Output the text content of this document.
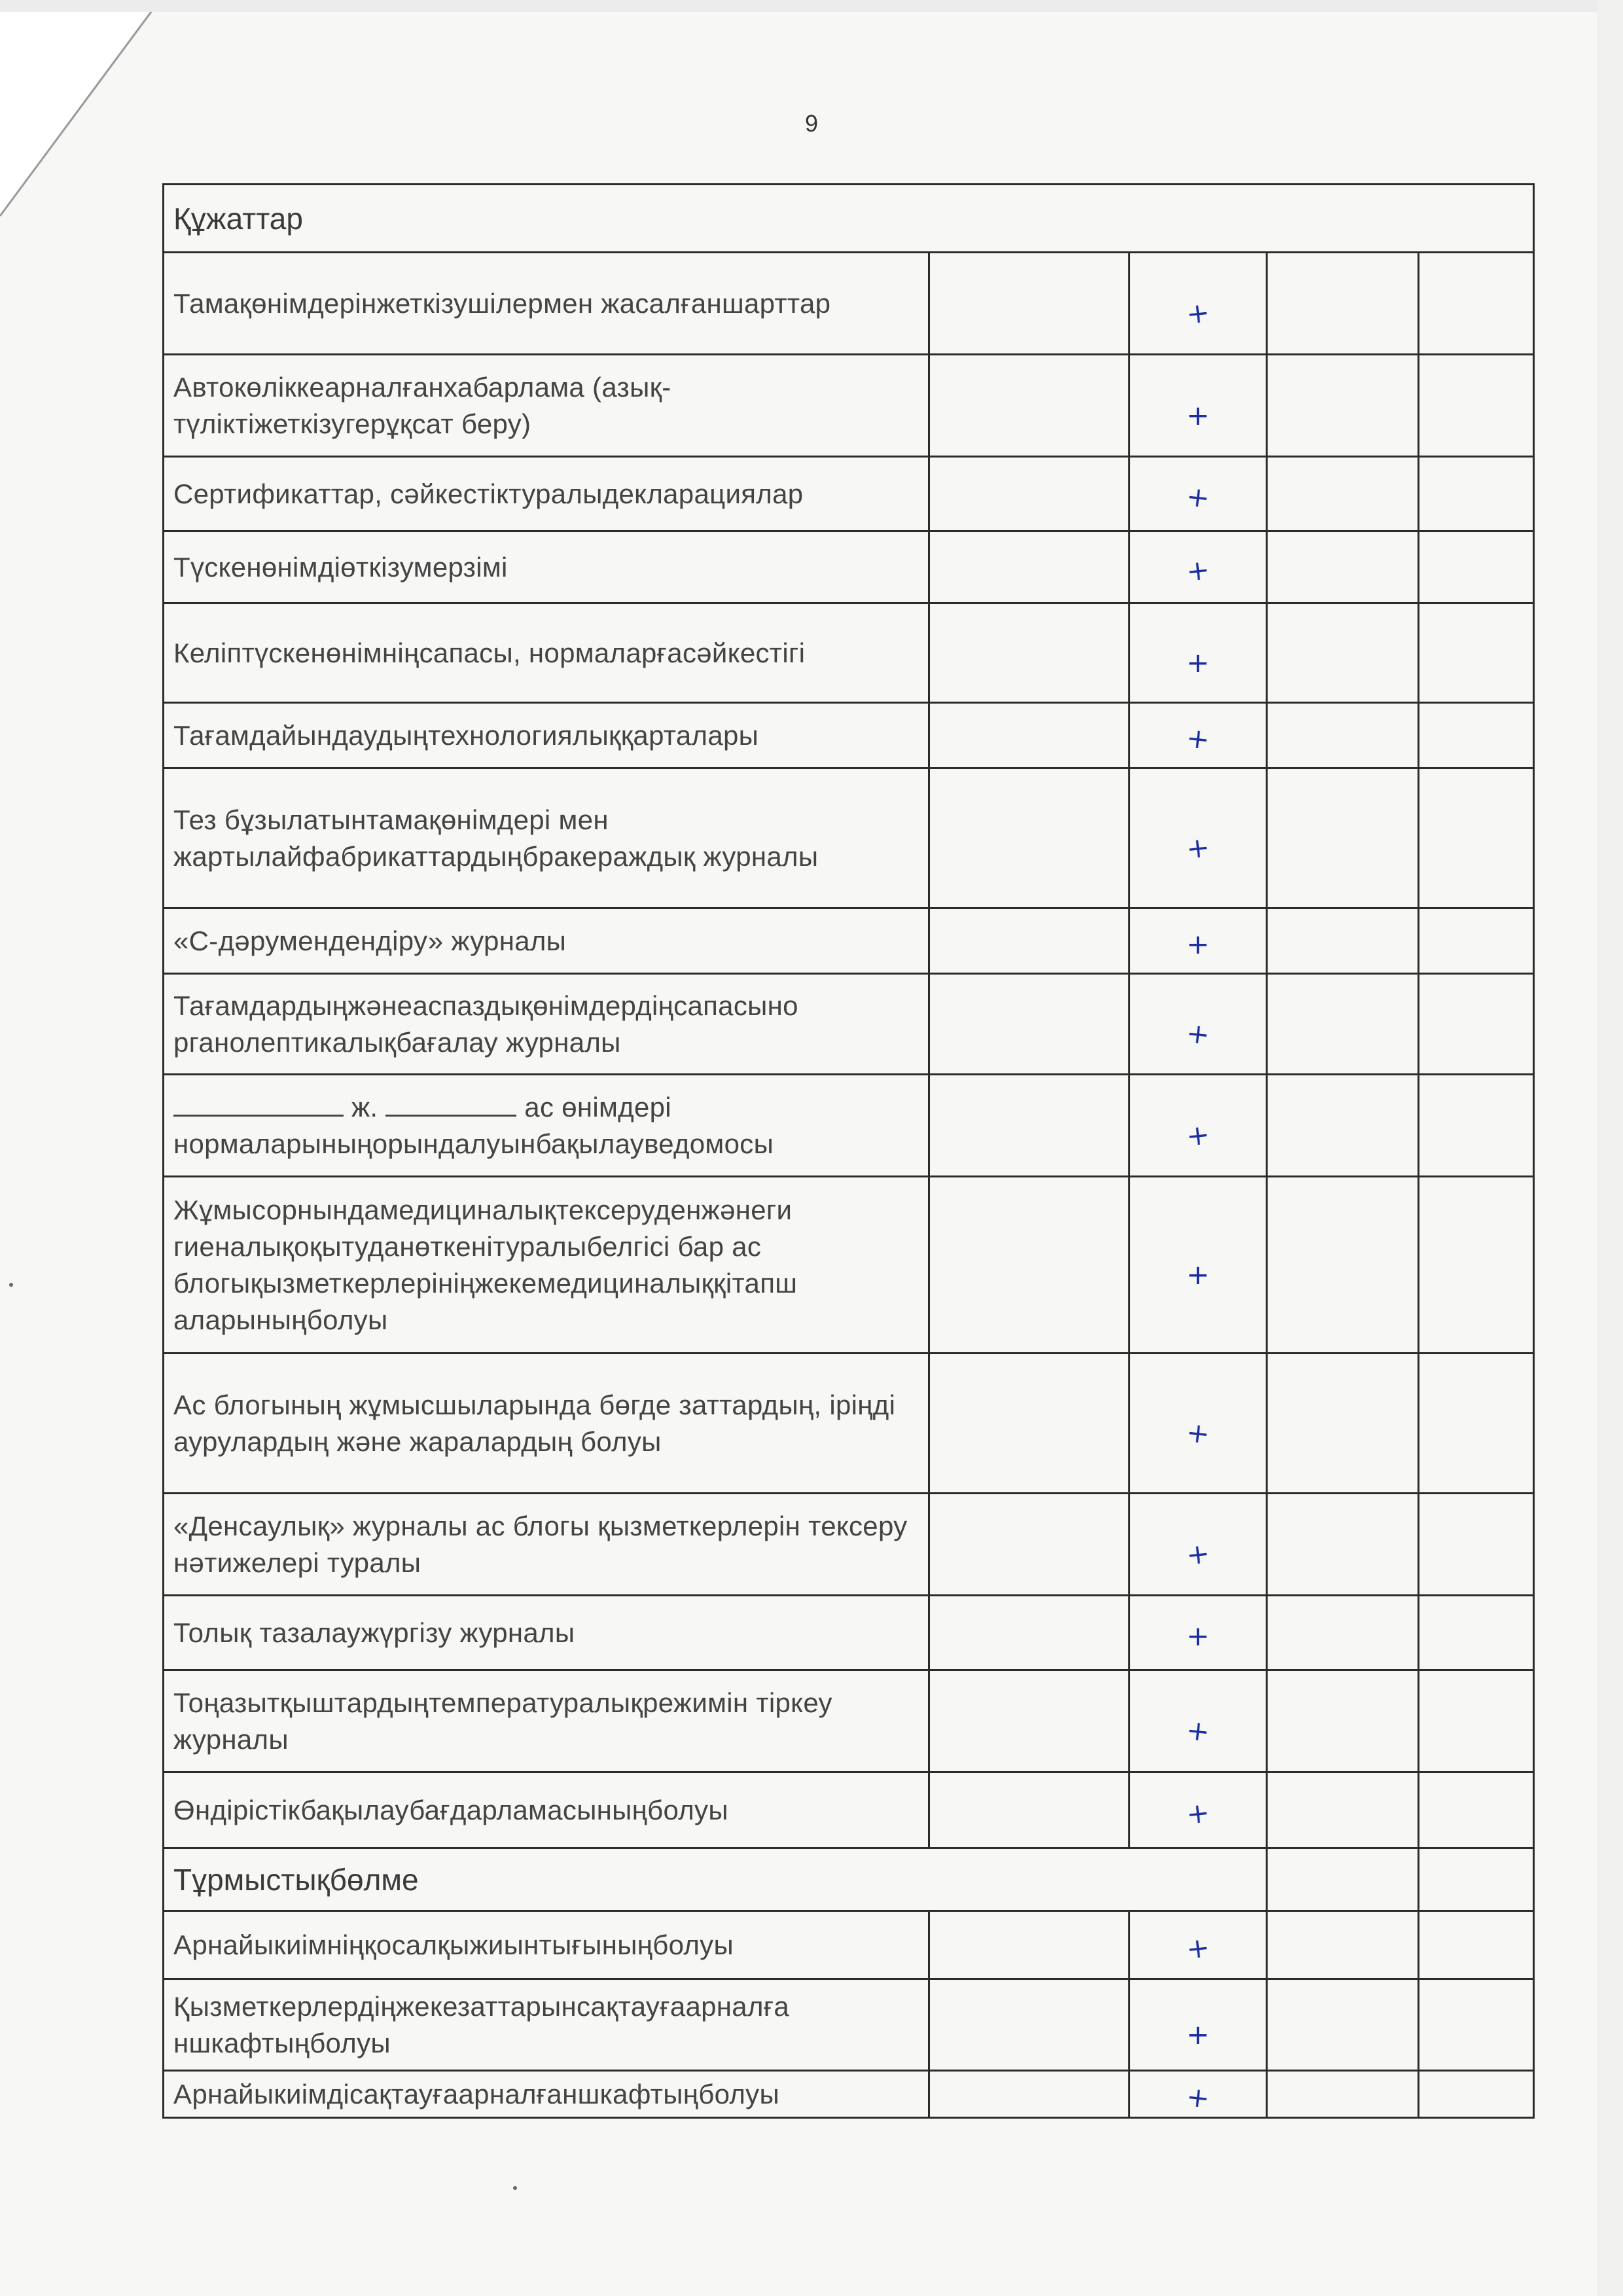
9
Құжаттар				
Тамақөнімдерінжеткізушілермен жасалғаншарттар		+		
Автокөліккеарналғанхабарлама (азық-түліктіжеткізугерұқсат беру)		+		
Сертификаттар, сәйкестіктуралыдекларациялар		+		
Түскенөнімдіөткізумерзімі		+		
Келіптүскенөнімніңсапасы, нормаларғасәйкестігі		+		
Тағамдайындаудыңтехнологиялыққарталары		+		
Тез бұзылатынтамақөнімдері мен жартылайфабрикаттардыңбракераждық журналы		+		
«С-дәрумендендіру» журналы		+		
Тағамдардыңжәнеаспаздықөнімдердіңсапасыно рганолептикалықбағалау журналы		+		
ж. ас өнімдері нормаларыныңорындалуынбақылауведомосы		+		
Жұмысорнындамедициналықтексеруденжәнеги гиеналықоқытуданөткенітуралыбелгісі бар ас блогықызметкерлерініңжекемедициналыққітапш аларыныңболуы		+		
Ас блогының жұмысшыларында бөгде заттардың, іріңді аурулардың және жаралардың болуы		+		
«Денсаулық» журналы ас блогы қызметкерлерін тексеру нәтижелері туралы		+		
Толық тазалаужүргізу журналы		+		
Тоңазытқыштардыңтемпературалықрежимін тіркеу журналы		+		
Өндірістікбақылаубағдарламасыныңболуы		+		
Тұрмыстықбөлме				
Арнайыкиімніңқосалқыжиынтығыныңболуы		+		
Қызметкерлердіңжекезаттарынсақтауғаарналға ншкафтыңболуы		+		
Арнайыкиімдісақтауғаарналғаншкафтыңболуы		+		
